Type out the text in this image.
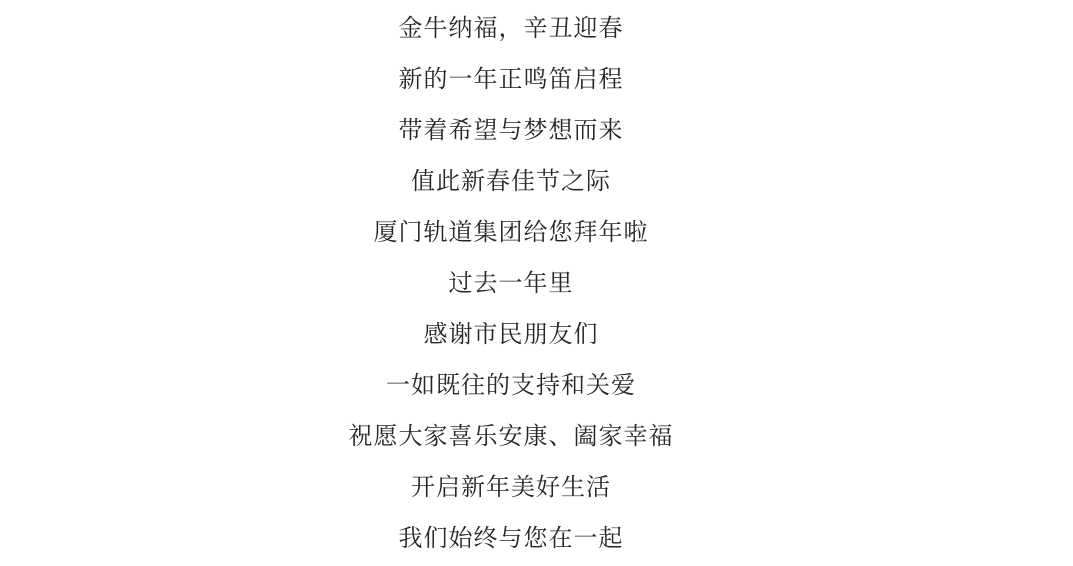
金牛纳福，辛丑迎春
新的一年正鸣笛启程
带着希望与梦想而来
值此新春佳节之际
厦门轨道集团给您拜年啦
过去一年里
感谢市民朋友们
一如既往的支持和关爱
祝愿大家喜乐安康、阖家幸福
开启新年美好生活
我们始终与您在一起
